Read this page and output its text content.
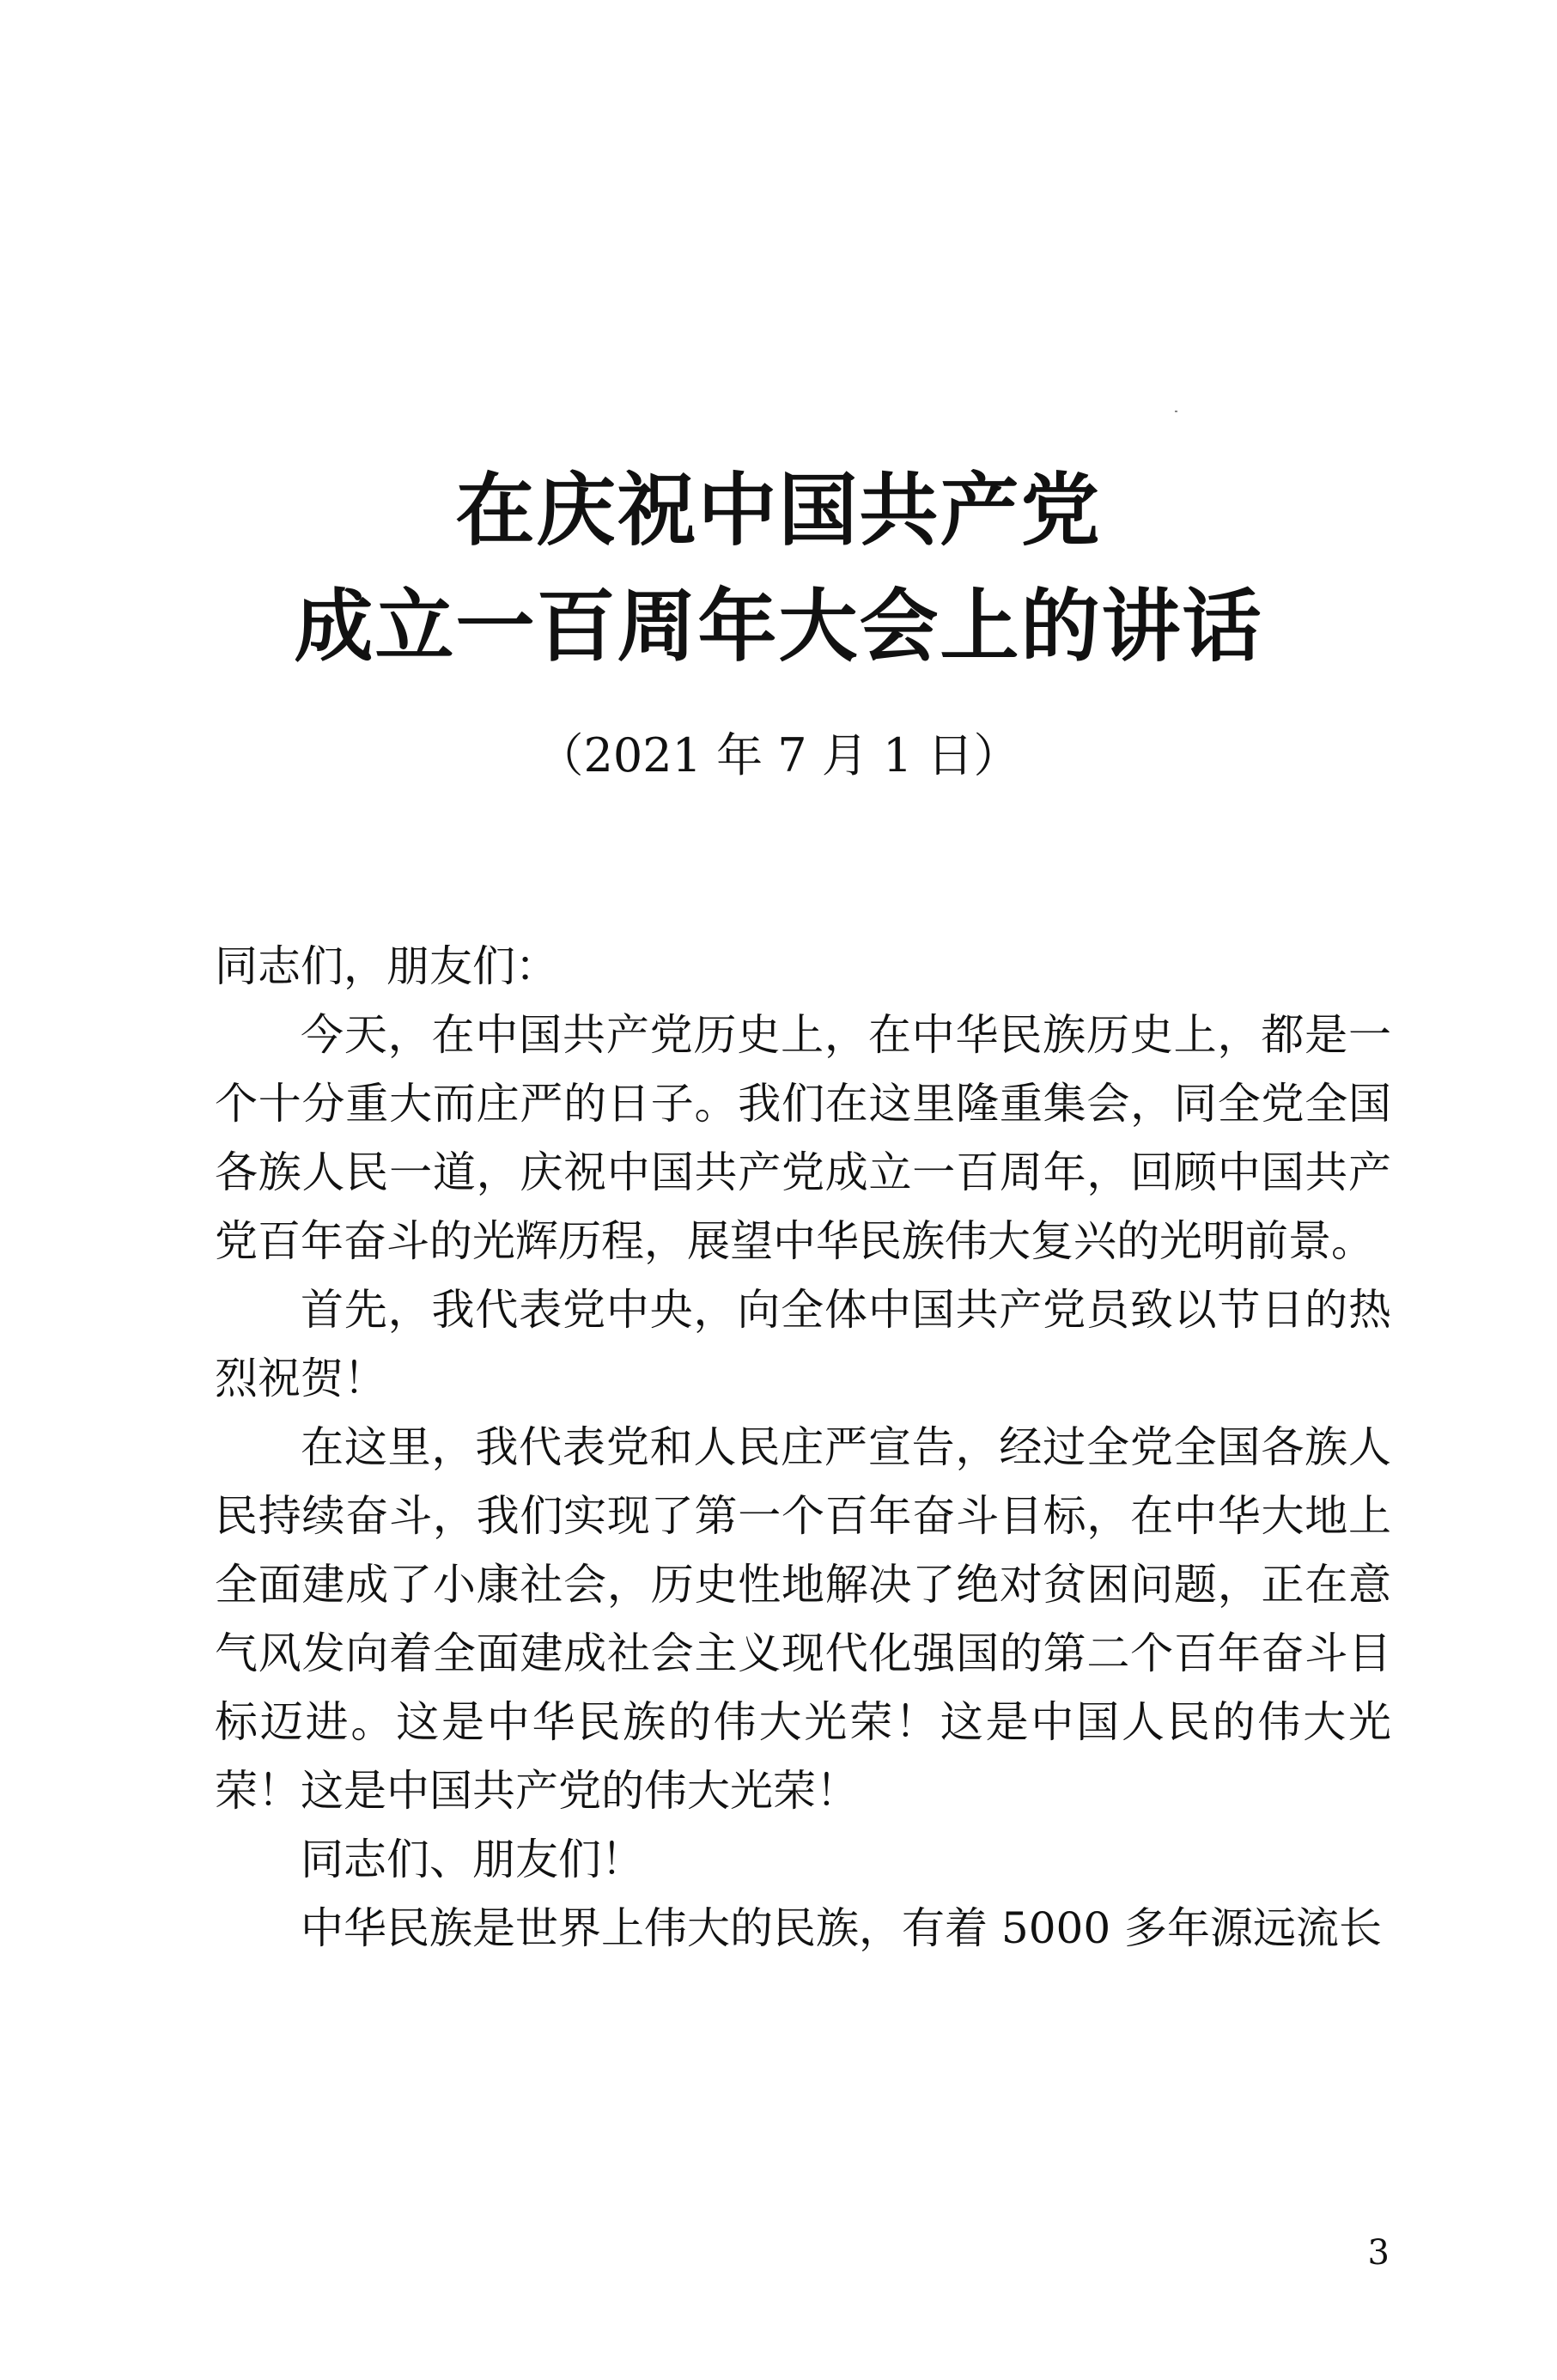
在庆祝中国共产党
成立一百周年大会上的讲话
（2021 年 7 月 1 日）

同志们，朋友们：

今天，在中国共产党历史上，在中华民族历史上，都是一个十分重大而庄严的日子。我们在这里隆重集会，同全党全国各族人民一道，庆祝中国共产党成立一百周年，回顾中国共产党百年奋斗的光辉历程，展望中华民族伟大复兴的光明前景。

首先，我代表党中央，向全体中国共产党员致以节日的热烈祝贺！

在这里，我代表党和人民庄严宣告，经过全党全国各族人民持续奋斗，我们实现了第一个百年奋斗目标，在中华大地上全面建成了小康社会，历史性地解决了绝对贫困问题，正在意气风发向着全面建成社会主义现代化强国的第二个百年奋斗目标迈进。这是中华民族的伟大光荣！这是中国人民的伟大光荣！这是中国共产党的伟大光荣！

同志们、朋友们！

中华民族是世界上伟大的民族，有着 5000 多年源远流长

3
